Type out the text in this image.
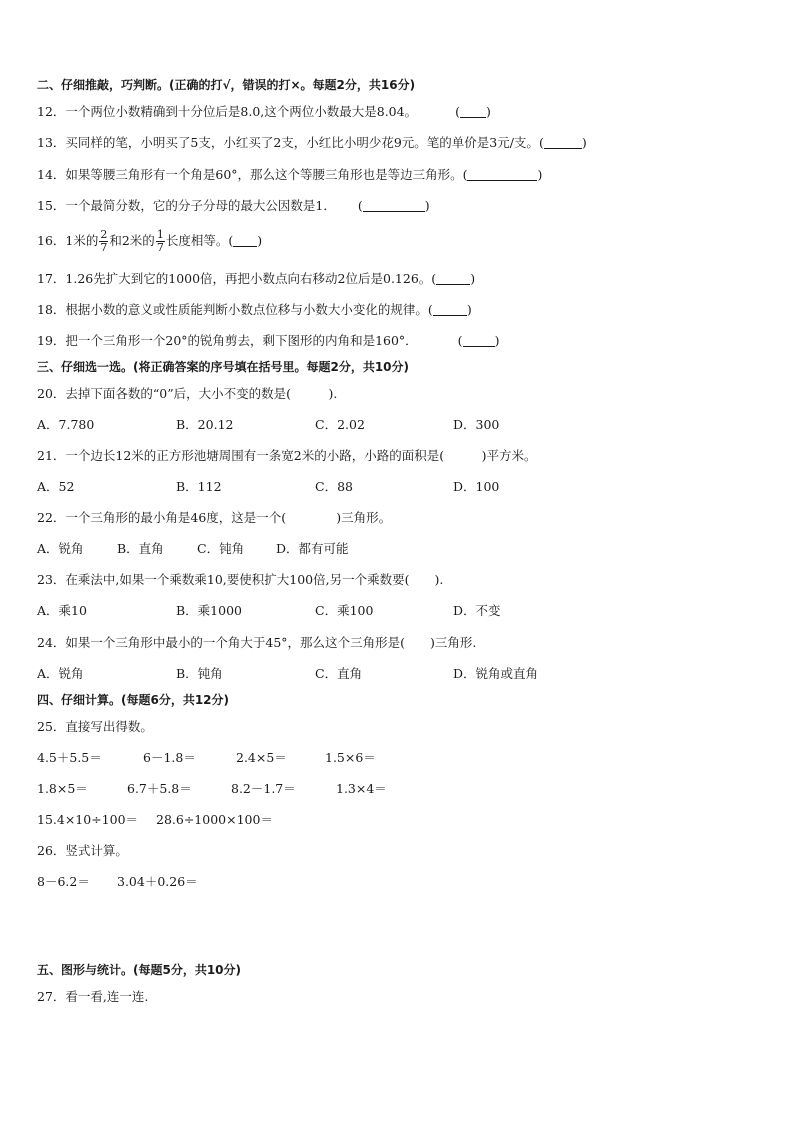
二、仔细推敲，巧判断。(正确的打√，错误的打×。每题2分，共16分)
12．一个两位小数精确到十分位后是8.0,这个两位小数最大是8.04。	( )
13．买同样的笔，小明买了5支，小红买了2支，小红比小明少花9元。笔的单价是3元/支。(	)
14．如果等腰三角形有一个角是60°，那么这个等腰三角形也是等边三角形。(	)
15．一个最简分数，它的分子分母的最大公因数是1． (	)
16．1米的 $\frac{2}{7}$ 和2米的 $\frac{1}{7}$ 长度相等。( )
17．1.26先扩大到它的1000倍，再把小数点向右移动2位后是0.126。(	)
18．根据小数的意义或性质能判断小数点位移与小数大小变化的规律。(	)
19．把一个三角形一个20°的锐角剪去，剩下图形的内角和是160°．	(	)
三、仔细选一选。(将正确答案的序号填在括号里。每题2分，共10分)
20．去掉下面各数的“0”后，大小不变的数是(　　　).
A．7.780	B．20.12	C．2.02	D．300
21．一个边长12米的正方形池塘周围有一条宽2米的小路，小路的面积是(　　　)平方米。
A．52	B．112	C．88	D．100
22．一个三角形的最小角是46度，这是一个(　　　　)三角形。
A．锐角	B．直角	C．钝角	D．都有可能
23．在乘法中,如果一个乘数乘10,要使积扩大100倍,另一个乘数要(　　).
A．乘10	B．乘1000	C．乘100	D．不变
24．如果一个三角形中最小的一个角大于45°，那么这个三角形是(　　)三角形.
A．锐角	B．钝角	C．直角	D．锐角或直角
四、仔细计算。(每题6分，共12分)
25．直接写出得数。
4.5＋5.5＝	6－1.8＝	2.4×5＝	1.5×6＝
1.8×5＝	6.7＋5.8＝	8.2－1.7＝	1.3×4＝
15.4×10÷100＝ 28.6÷1000×100＝
26．竖式计算。
8－6.2＝ 3.04＋0.26＝
五、图形与统计。(每题5分，共10分)
27．看一看,连一连.
